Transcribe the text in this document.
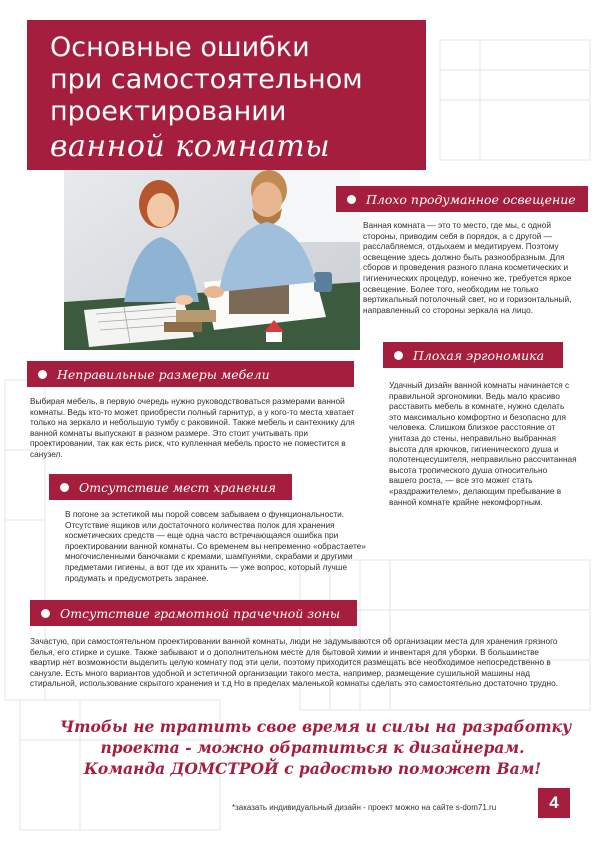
Основные ошибки
при самостоятельном
проектировании
ванной комнаты
Плохо продуманное освещение
Ванная комната — это то место, где мы, с одной стороны, приводим себя в порядок, а с другой — расслабляемся, отдыхаем и медитируем. Поэтому освещение здесь должно быть разнообразным. Для сборов и проведения разного плана косметических и гигиенических процедур, конечно же, требуется яркое освещение. Более того, необходим не только вертикальный потолочный свет, но и горизонтальный, направленный со стороны зеркала на лицо.
Плохая эргономика
Удачный дизайн ванной комнаты начинается с правильной эргономики. Ведь мало красиво расставить мебель в комнате, нужно сделать это максимально комфортно и безопасно для человека. Слишком близкое расстояние от унитаза до стены, неправильно выбранная высота для крючков, гигиенического душа и полотенцесушителя, неправильно рассчитанная высота тропического душа относительно вашего роста, — все это может стать «раздражителем», делающим пребывание в ванной комнате крайне некомфортным.
Неправильные размеры мебели
Выбирая мебель, в первую очередь нужно руководствоваться размерами ванной комнаты. Ведь кто-то может приобрести полный гарнитур, а у кого-то места хватает только на зеркало и небольшую тумбу с раковиной. Также мебель и сантехнику для ванной комнаты выпускают в разном размере. Это стоит учитывать при проектировании, так как есть риск, что купленная мебель просто не поместится в санузел.
Отсутствие мест хранения
В погоне за эстетикой мы порой совсем забываем о функциональности. Отсутствие ящиков или достаточного количества полок для хранения косметических средств — еще одна часто встречающаяся ошибка при проектировании ванной комнаты. Со временем вы непременно «обрастаете» многочисленными баночками с кремами, шампунями, скрабами и другими предметами гигиены, а вот где их хранить — уже вопрос, который лучше продумать и предусмотреть заранее.
Отсутствие грамотной прачечной зоны
Зачастую, при самостоятельном проектировании ванной комнаты, люди не задумываются об организации места для хранения грязного белья, его стирке и сушке. Также забывают и о дополнительном месте для бытовой химии и инвентаря для уборки. В большинстве квартир нет возможности выделить целую комнату под эти цели, поэтому приходится размещать все необходимое непосредственно в санузле. Есть много вариантов удобной и эстетичной организации такого места, например, размещение сушильной машины над стиральной, использование скрытого хранения и т.д Но в пределах маленькой комнаты сделать это самостоятельно достаточно трудно.
Чтобы не тратить свое время и силы на разработку
проекта - можно обратиться к дизайнерам.
Команда ДОМСТРОЙ с радостью поможет Вам!
*заказать индивидуальный дизайн - проект можно на сайте s-dom71.ru	4
